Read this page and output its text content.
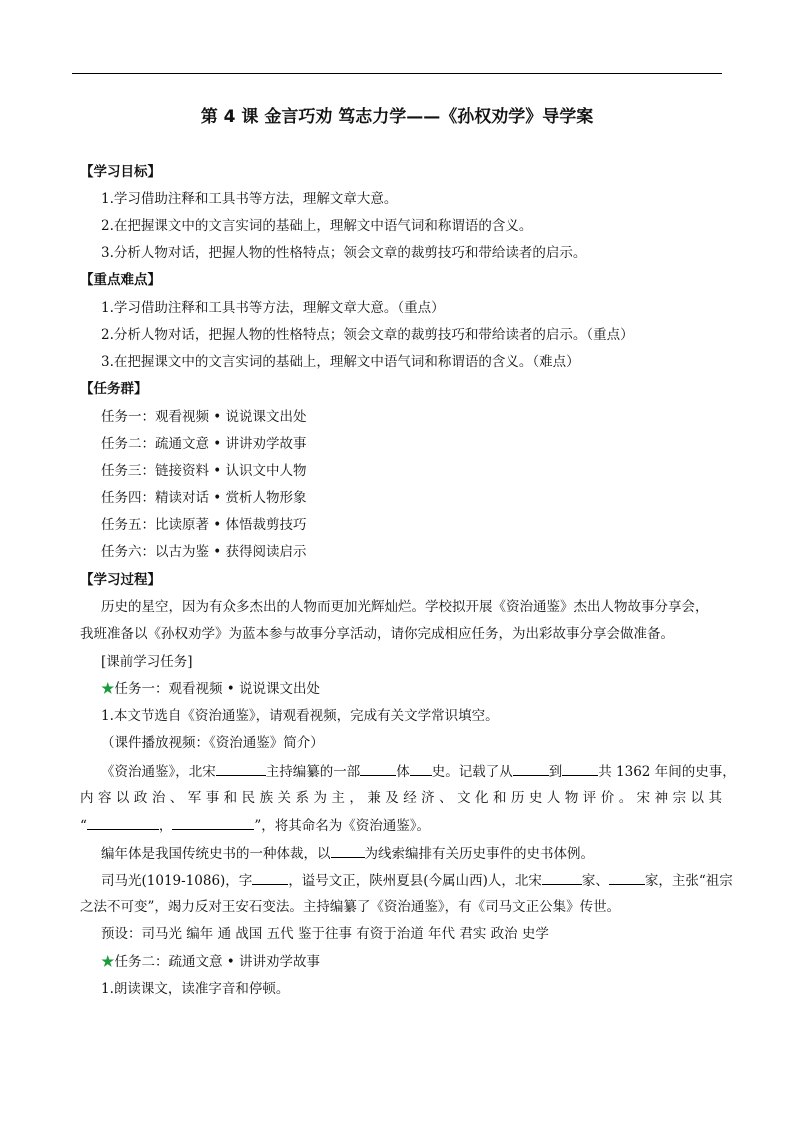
第 4 课 金言巧劝 笃志力学——《孙权劝学》导学案
【学习目标】
1.学习借助注释和工具书等方法，理解文章大意。
2.在把握课文中的文言实词的基础上，理解文中语气词和称谓语的含义。
3.分析人物对话，把握人物的性格特点；领会文章的裁剪技巧和带给读者的启示。
【重点难点】
1.学习借助注释和工具书等方法，理解文章大意。（重点）
2.分析人物对话，把握人物的性格特点；领会文章的裁剪技巧和带给读者的启示。（重点）
3.在把握课文中的文言实词的基础上，理解文中语气词和称谓语的含义。（难点）
【任务群】
任务一：观看视频 • 说说课文出处
任务二：疏通文意 • 讲讲劝学故事
任务三：链接资料 • 认识文中人物
任务四：精读对话 • 赏析人物形象
任务五：比读原著 • 体悟裁剪技巧
任务六：以古为鉴 • 获得阅读启示
【学习过程】
历史的星空，因为有众多杰出的人物而更加光辉灿烂。学校拟开展《资治通鉴》杰出人物故事分享会，
我班准备以《孙权劝学》为蓝本参与故事分享活动，请你完成相应任务，为出彩故事分享会做准备。
[课前学习任务]
★任务一：观看视频 • 说说课文出处
1.本文节选自《资治通鉴》，请观看视频，完成有关文学常识填空。
（课件播放视频：《资治通鉴》简介）
《资治通鉴》，北宋	主持编纂的一部	体 史。记载了从	到	共 1362 年间的史事，
内容以政治、军事和民族关系为主，兼及经济、文化和历史人物评价。宋神宗以其
“	，	”，将其命名为《资治通鉴》。
编年体是我国传统史书的一种体裁，以	为线索编排有关历史事件的史书体例。
司马光(1019-1086)，字	，谥号文正，陕州夏县(今属山西)人，北宋	家、	家，主张“祖宗
之法不可变”，竭力反对王安石变法。主持编纂了《资治通鉴》，有《司马文正公集》传世。
预设：司马光 编年 通 战国 五代 鉴于往事 有资于治道 年代 君实 政治 史学
★任务二：疏通文意 • 讲讲劝学故事
1.朗读课文，读准字音和停顿。
